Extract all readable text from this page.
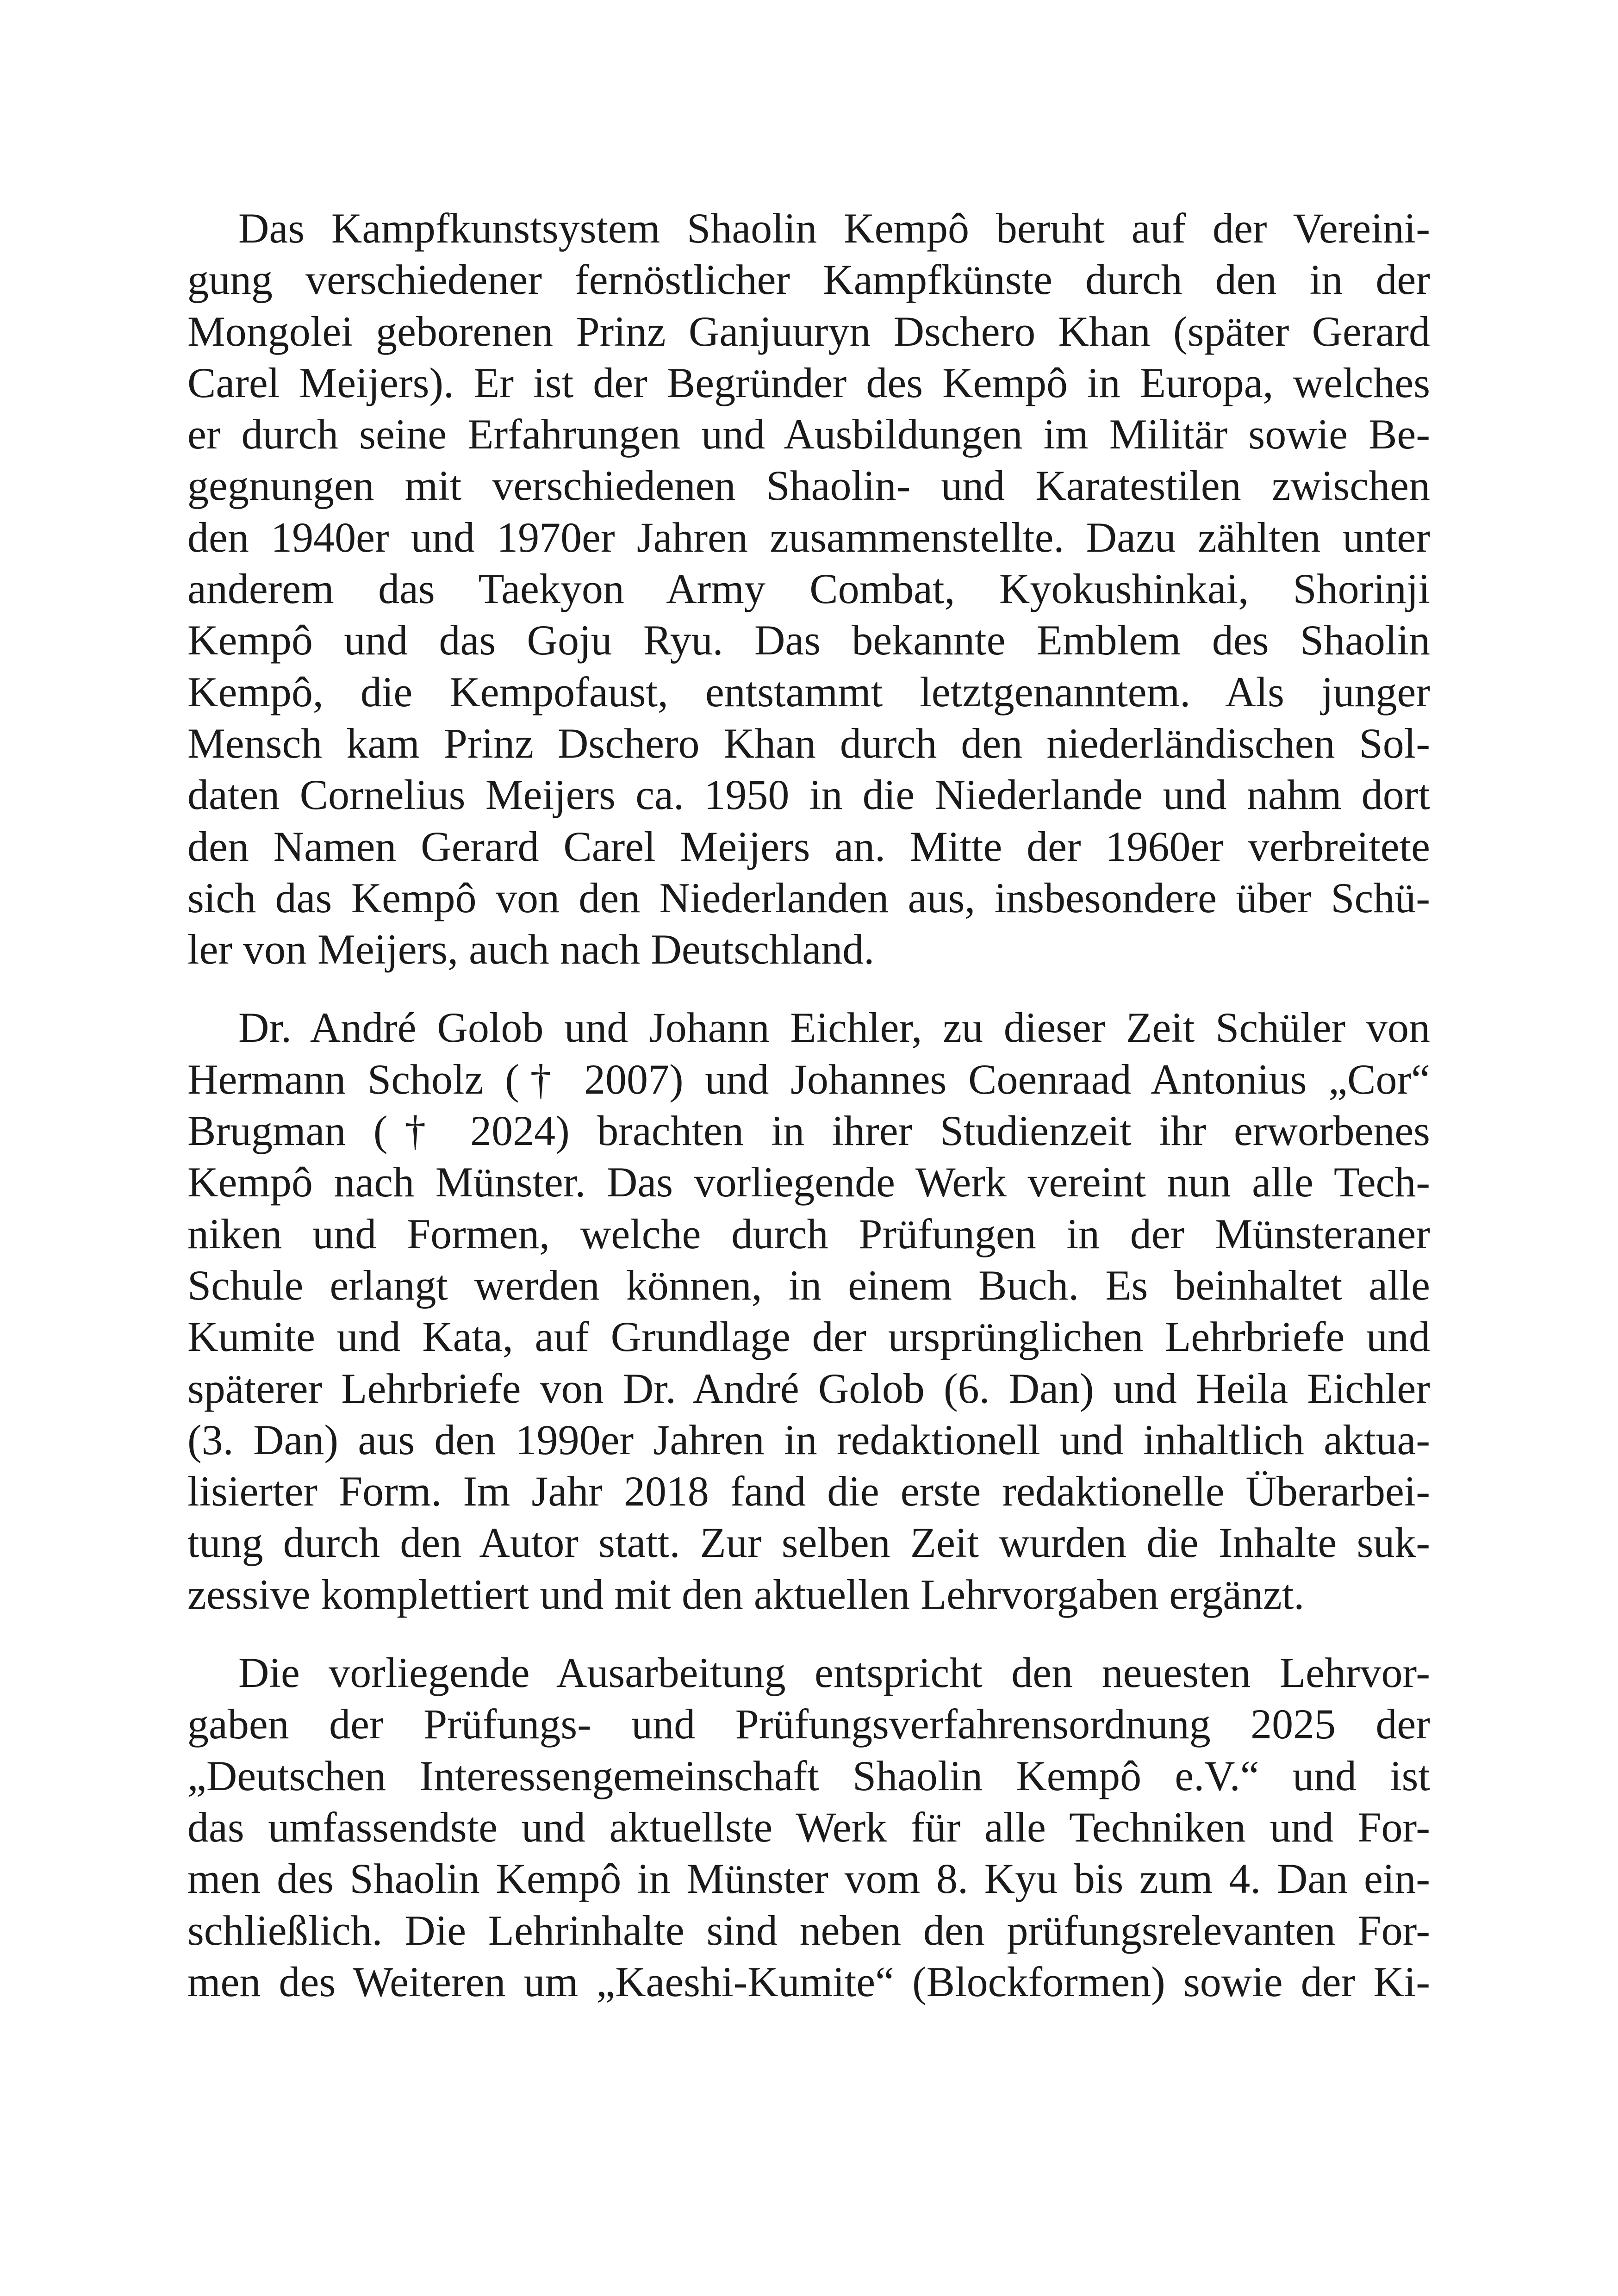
Das Kampfkunstsystem Shaolin Kempô beruht auf der Vereini-
gung verschiedener fernöstlicher Kampfkünste durch den in der
Mongolei geborenen Prinz Ganjuuryn Dschero Khan (später Gerard
Carel Meijers). Er ist der Begründer des Kempô in Europa, welches
er durch seine Erfahrungen und Ausbildungen im Militär sowie Be-
gegnungen mit verschiedenen Shaolin- und Karatestilen zwischen
den 1940er und 1970er Jahren zusammenstellte. Dazu zählten unter
anderem das Taekyon Army Combat, Kyokushinkai, Shorinji
Kempô und das Goju Ryu. Das bekannte Emblem des Shaolin
Kempô, die Kempofaust, entstammt letztgenanntem. Als junger
Mensch kam Prinz Dschero Khan durch den niederländischen Sol-
daten Cornelius Meijers ca. 1950 in die Niederlande und nahm dort
den Namen Gerard Carel Meijers an. Mitte der 1960er verbreitete
sich das Kempô von den Niederlanden aus, insbesondere über Schü-
ler von Meijers, auch nach Deutschland.
Dr. André Golob und Johann Eichler, zu dieser Zeit Schüler von
Hermann Scholz († 2007) und Johannes Coenraad Antonius „Cor“
Brugman († 2024) brachten in ihrer Studienzeit ihr erworbenes
Kempô nach Münster. Das vorliegende Werk vereint nun alle Tech-
niken und Formen, welche durch Prüfungen in der Münsteraner
Schule erlangt werden können, in einem Buch. Es beinhaltet alle
Kumite und Kata, auf Grundlage der ursprünglichen Lehrbriefe und
späterer Lehrbriefe von Dr. André Golob (6. Dan) und Heila Eichler
(3. Dan) aus den 1990er Jahren in redaktionell und inhaltlich aktua-
lisierter Form. Im Jahr 2018 fand die erste redaktionelle Überarbei-
tung durch den Autor statt. Zur selben Zeit wurden die Inhalte suk-
zessive komplettiert und mit den aktuellen Lehrvorgaben ergänzt.
Die vorliegende Ausarbeitung entspricht den neuesten Lehrvor-
gaben der Prüfungs- und Prüfungsverfahrensordnung 2025 der
„Deutschen Interessengemeinschaft Shaolin Kempô e.V.“ und ist
das umfassendste und aktuellste Werk für alle Techniken und For-
men des Shaolin Kempô in Münster vom 8. Kyu bis zum 4. Dan ein-
schließlich. Die Lehrinhalte sind neben den prüfungsrelevanten For-
men des Weiteren um „Kaeshi-Kumite“ (Blockformen) sowie der Ki-
